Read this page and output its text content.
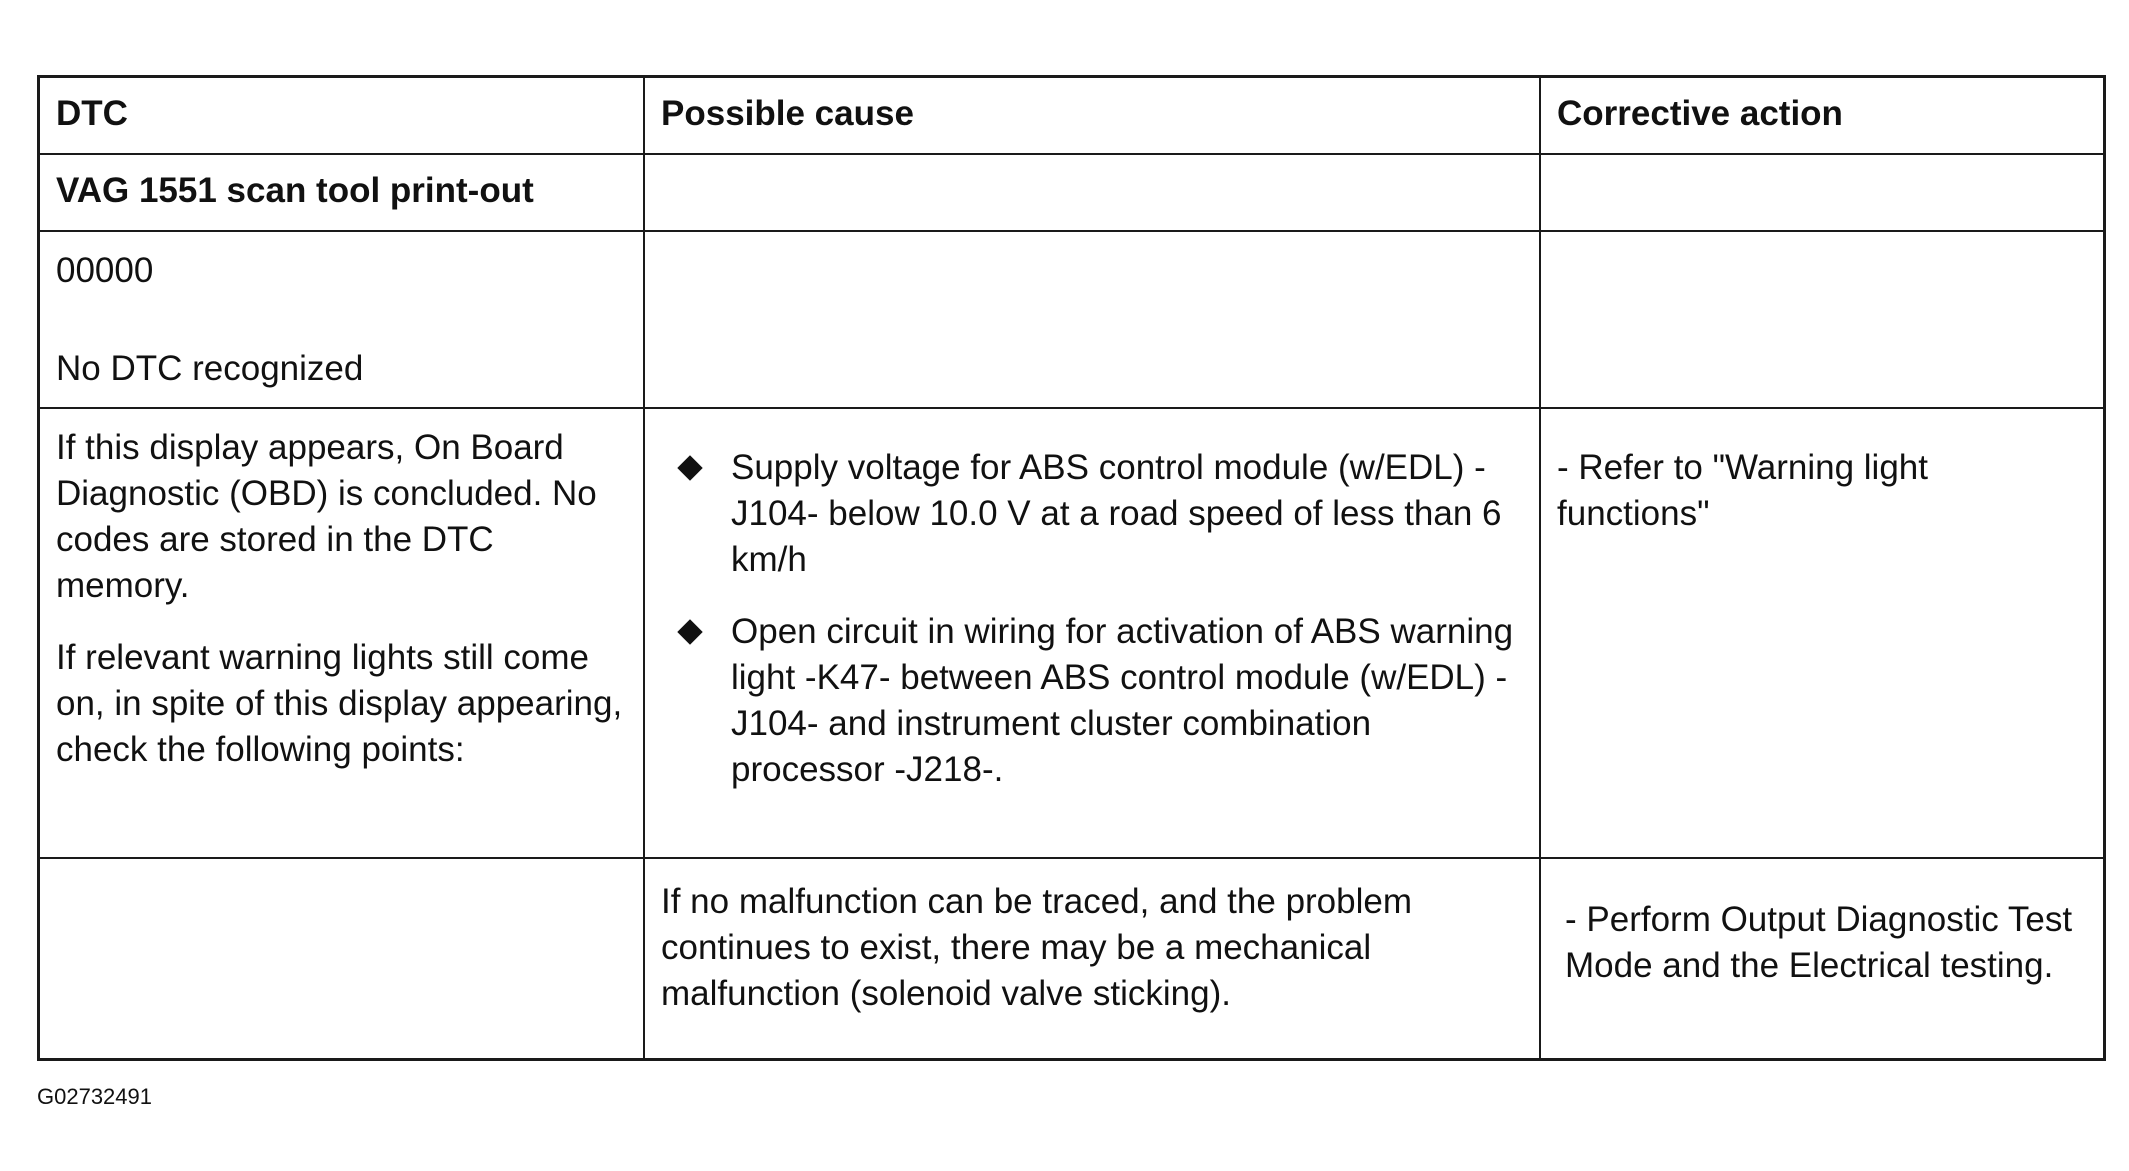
DTC	Possible cause	Corrective action
VAG 1551 scan tool print-out

00000

No DTC recognized

If this display appears, On Board Diagnostic (OBD) is concluded. No codes are stored in the DTC memory.

If relevant warning lights still come on, in spite of this display appearing, check the following points:

Supply voltage for ABS control module (w/EDL) -J104- below 10.0 V at a road speed of less than 6 km/h
Open circuit in wiring for activation of ABS warning light -K47- between ABS control module (w/EDL) -J104- and instrument cluster combination processor -J218-.

- Refer to "Warning light functions"

If no malfunction can be traced, and the problem continues to exist, there may be a mechanical malfunction (solenoid valve sticking).

- Perform Output Diagnostic Test Mode and the Electrical testing.

G02732491
